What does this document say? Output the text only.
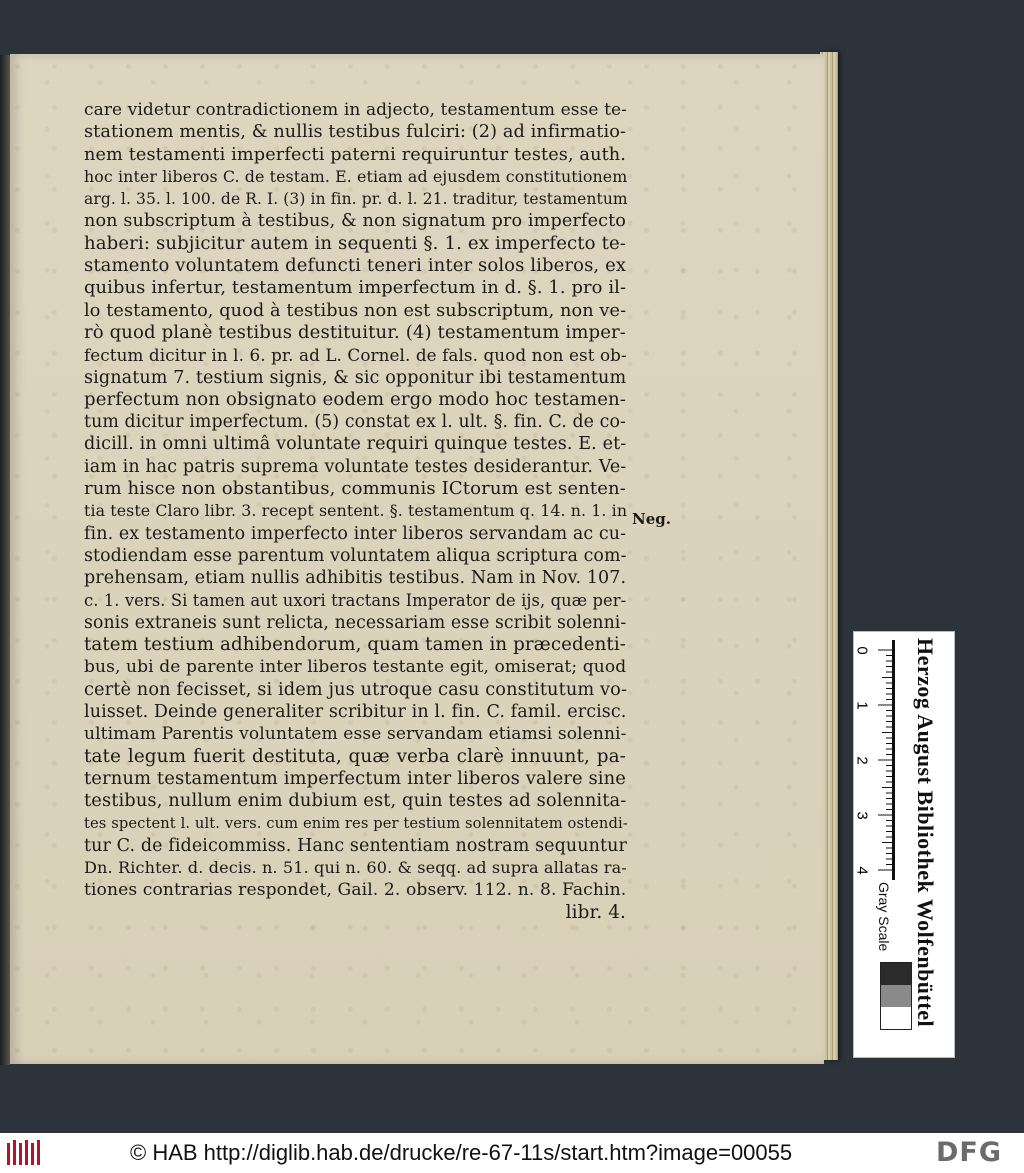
care videtur contradictionem in adjecto, testamentum esse te-
stationem mentis, & nullis testibus fulciri: (2) ad infirmatio-
nem testamenti imperfecti paterni requiruntur testes, auth.
hoc inter liberos C. de testam. E. etiam ad ejusdem constitutionem
arg. l. 35. l. 100. de R. I. (3) in fin. pr. d. l. 21. traditur, testamentum
non subscriptum à testibus, & non signatum pro imperfecto
haberi: subjicitur autem in sequenti §. 1. ex imperfecto te-
stamento voluntatem defuncti teneri inter solos liberos, ex
quibus infertur, testamentum imperfectum in d. §. 1. pro il-
lo testamento, quod à testibus non est subscriptum, non ve-
rò quod planè testibus destituitur. (4) testamentum imper-
fectum dicitur in l. 6. pr. ad L. Cornel. de fals. quod non est ob-
signatum 7. testium signis, & sic opponitur ibi testamentum
perfectum non obsignato eodem ergo modo hoc testamen-
tum dicitur imperfectum. (5) constat ex l. ult. §. fin. C. de co-
dicill. in omni ultimâ voluntate requiri quinque testes. E. et-
iam in hac patris suprema voluntate testes desiderantur. Ve-
rum hisce non obstantibus, communis ICtorum est senten-
tia teste Claro libr. 3. recept sentent. §. testamentum q. 14. n. 1. in
fin. ex testamento imperfecto inter liberos servandam ac cu-
stodiendam esse parentum voluntatem aliqua scriptura com-
prehensam, etiam nullis adhibitis testibus. Nam in Nov. 107.
c. 1. vers. Si tamen aut uxori tractans Imperator de ijs, quæ per-
sonis extraneis sunt relicta, necessariam esse scribit solenni-
tatem testium adhibendorum, quam tamen in præcedenti-
bus, ubi de parente inter liberos testante egit, omiserat; quod
certè non fecisset, si idem jus utroque casu constitutum vo-
luisset. Deinde generaliter scribitur in l. fin. C. famil. ercisc.
ultimam Parentis voluntatem esse servandam etiamsi solenni-
tate legum fuerit destituta, quæ verba clarè innuunt, pa-
ternum testamentum imperfectum inter liberos valere sine
testibus, nullum enim dubium est, quin testes ad solennita-
tes spectent l. ult. vers. cum enim res per testium solennitatem ostendi-
tur C. de fideicommiss. Hanc sententiam nostram sequuntur
Dn. Richter. d. decis. n. 51. qui n. 60. & seqq. ad supra allatas ra-
tiones contrarias respondet, Gail. 2. observ. 112. n. 8. Fachin.
libr. 4.
Neg.
0
1
2
3
4 Herzog August Bibliothek Wolfenbüttel
Gray Scale
© HAB http://diglib.hab.de/drucke/re-67-11s/start.htm?image=00055	DFG
